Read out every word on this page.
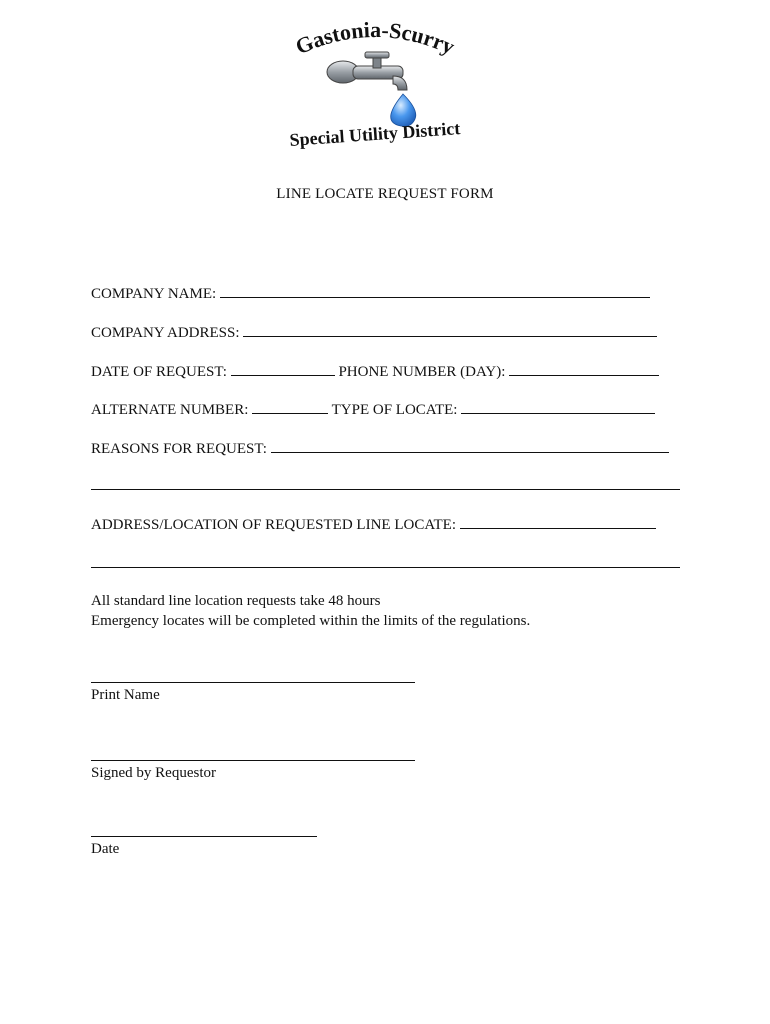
Gastonia-Scurry
Special Utility District
LINE LOCATE REQUEST FORM
COMPANY NAME:
COMPANY ADDRESS:
DATE OF REQUEST:	PHONE NUMBER (DAY):
ALTERNATE NUMBER:	TYPE OF LOCATE:
REASONS FOR REQUEST:
ADDRESS/LOCATION OF REQUESTED LINE LOCATE:
All standard line location requests take 48 hours
Emergency locates will be completed within the limits of the regulations.
Print Name
Signed by Requestor
Date
